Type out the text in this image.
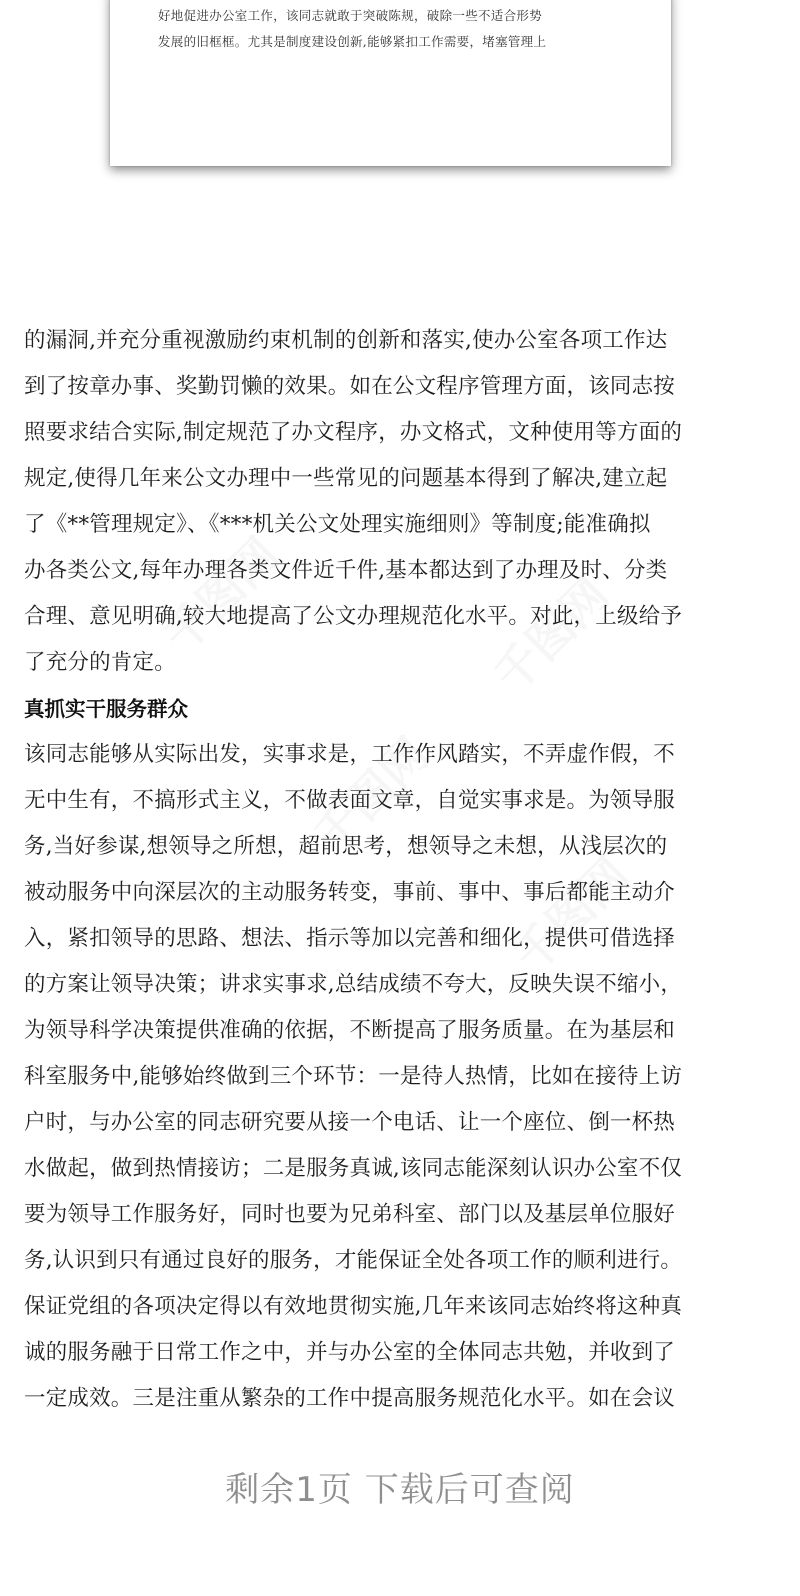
好地促进办公室工作，该同志就敢于突破陈规，破除一些不适合形势
发展的旧框框。尤其是制度建设创新,能够紧扣工作需要，堵塞管理上
的漏洞,并充分重视激励约束机制的创新和落实,使办公室各项工作达
到了按章办事、奖勤罚懒的效果。如在公文程序管理方面，该同志按
照要求结合实际,制定规范了办文程序，办文格式，文种使用等方面的
规定,使得几年来公文办理中一些常见的问题基本得到了解决,建立起
了《**管理规定》、《***机关公文处理实施细则》等制度;能准确拟
办各类公文,每年办理各类文件近千件,基本都达到了办理及时、分类
合理、意见明确,较大地提高了公文办理规范化水平。对此，上级给予
了充分的肯定。
真抓实干服务群众
该同志能够从实际出发，实事求是，工作作风踏实，不弄虚作假，不
无中生有，不搞形式主义，不做表面文章，自觉实事求是。为领导服
务,当好参谋,想领导之所想，超前思考，想领导之未想，从浅层次的
被动服务中向深层次的主动服务转变，事前、事中、事后都能主动介
入，紧扣领导的思路、想法、指示等加以完善和细化，提供可借选择
的方案让领导决策；讲求实事求,总结成绩不夸大，反映失误不缩小，
为领导科学决策提供准确的依据，不断提高了服务质量。在为基层和
科室服务中,能够始终做到三个环节：一是待人热情，比如在接待上访
户时，与办公室的同志研究要从接一个电话、让一个座位、倒一杯热
水做起，做到热情接访；二是服务真诚,该同志能深刻认识办公室不仅
要为领导工作服务好，同时也要为兄弟科室、部门以及基层单位服好
务,认识到只有通过良好的服务，才能保证全处各项工作的顺利进行。
保证党组的各项决定得以有效地贯彻实施,几年来该同志始终将这种真
诚的服务融于日常工作之中，并与办公室的全体同志共勉，并收到了
一定成效。三是注重从繁杂的工作中提高服务规范化水平。如在会议
剩余1页 下载后可查阅
